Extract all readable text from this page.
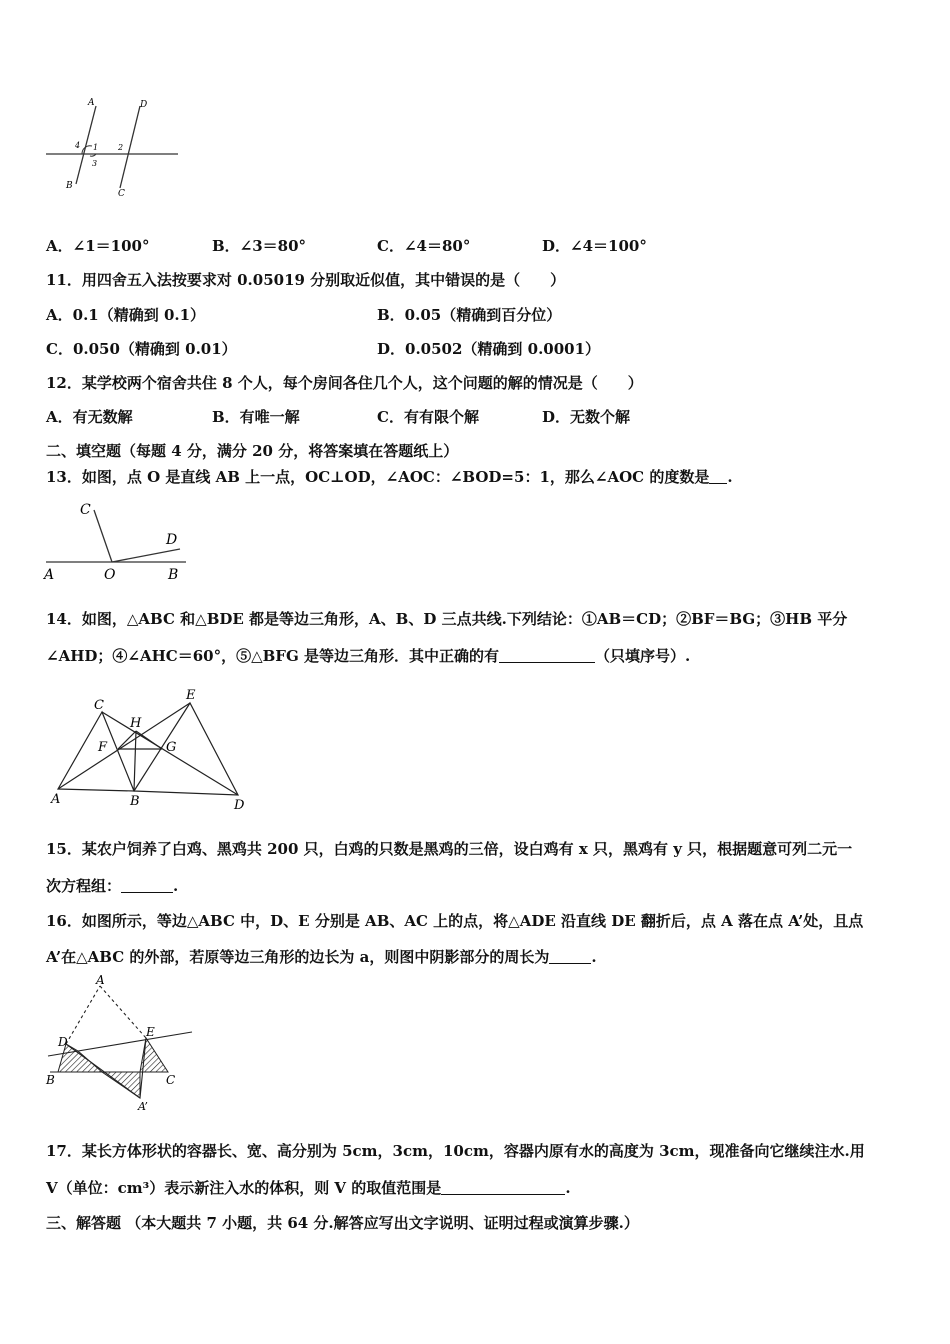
A
B
C
D
1 2
3
4
A．∠1＝100°	B．∠3＝80°	C．∠4＝80°	D．∠4＝100°
11．用四舍五入法按要求对 0.05019 分别取近似值，其中错误的是（　　）
A．0.1（精确到 0.1）	B．0.05（精确到百分位）
C．0.050（精确到 0.01）	D．0.0502（精确到 0.0001）
12．某学校两个宿舍共住 8 个人，每个房间各住几个人，这个问题的解的情况是（　　）
A．有无数解	B．有唯一解	C．有有限个解	D．无数个解
二、填空题（每题 4 分，满分 20 分，将答案填在答题纸上）
13．如图，点 O 是直线 AB 上一点，OC⊥OD，∠AOC：∠BOD=5：1，那么∠AOC 的度数是 .
A	O	B
C
D
14．如图，△ABC 和△BDE 都是等边三角形，A、B、D 三点共线.下列结论：①AB＝CD；②BF＝BG；③HB 平分
∠AHD；④∠AHC＝60°，⑤△BFG 是等边三角形．其中正确的有	（只填序号）.
A	B
C
D
E
F	G
H
15．某农户饲养了白鸡、黑鸡共 200 只，白鸡的只数是黑鸡的三倍，设白鸡有 x 只，黑鸡有 y 只，根据题意可列二元一
次方程组：	.
16．如图所示，等边△ABC 中，D、E 分别是 AB、AC 上的点，将△ADE 沿直线 DE 翻折后，点 A 落在点 A’处，且点
A’在△ABC 的外部，若原等边三角形的边长为 a，则图中阴影部分的周长为	.
A
B	C
D
E
A’
17．某长方体形状的容器长、宽、高分别为 5cm，3cm，10cm，容器内原有水的高度为 3cm，现准备向它继续注水.用
V（单位：cm³）表示新注入水的体积，则 V 的取值范围是	.
三、解答题 （本大题共 7 小题，共 64 分.解答应写出文字说明、证明过程或演算步骤.）
